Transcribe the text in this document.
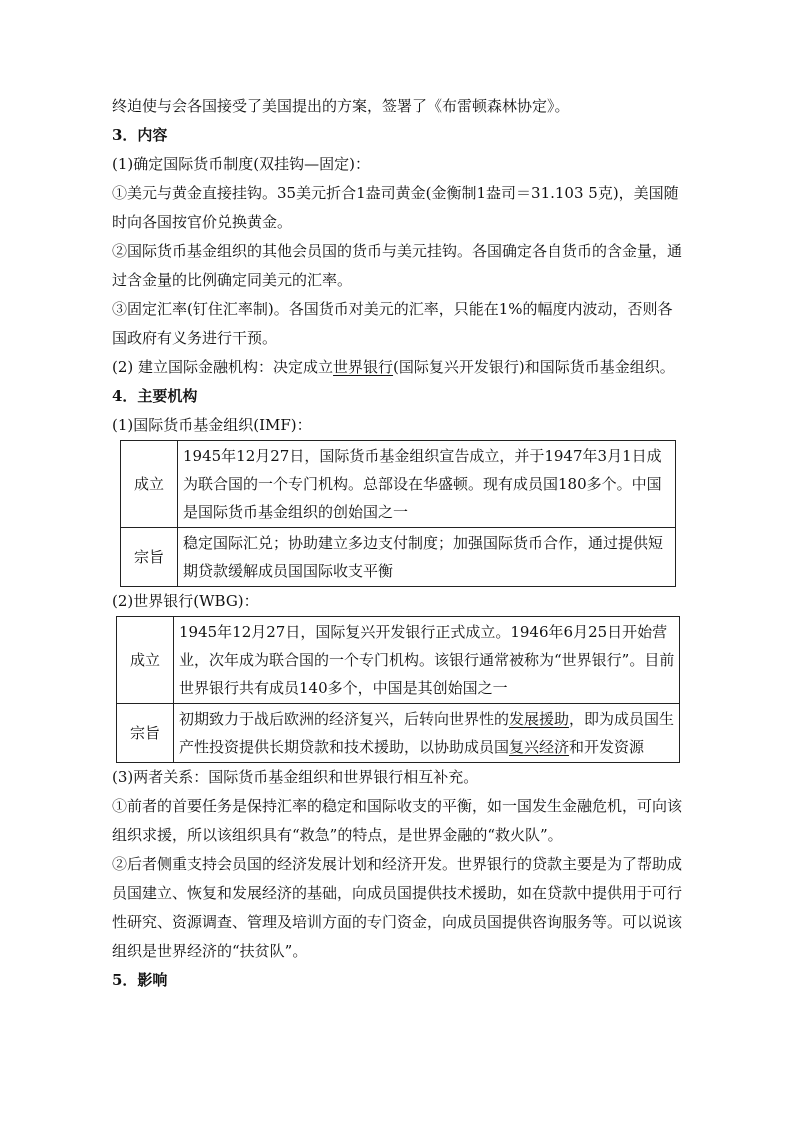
终迫使与会各国接受了美国提出的方案，签署了《布雷顿森林协定》。

3．内容

(1)确定国际货币制度(双挂钩—固定)：

①美元与黄金直接挂钩。35美元折合1盎司黄金(金衡制1盎司＝31.103 5克)，美国随时向各国按官价兑换黄金。

②国际货币基金组织的其他会员国的货币与美元挂钩。各国确定各自货币的含金量，通过含金量的比例确定同美元的汇率。

③固定汇率(钉住汇率制)。各国货币对美元的汇率，只能在1%的幅度内波动，否则各国政府有义务进行干预。

(2) 建立国际金融机构：决定成立世界银行(国际复兴开发银行)和国际货币基金组织。

4．主要机构

(1)国际货币基金组织(IMF)：

成立	1945年12月27日，国际货币基金组织宣告成立，并于1947年3月1日成为联合国的一个专门机构。总部设在华盛顿。现有成员国180多个。中国是国际货币基金组织的创始国之一
宗旨	稳定国际汇兑；协助建立多边支付制度；加强国际货币合作，通过提供短期贷款缓解成员国国际收支平衡

(2)世界银行(WBG)：

成立	1945年12月27日，国际复兴开发银行正式成立。1946年6月25日开始营业，次年成为联合国的一个专门机构。该银行通常被称为“世界银行”。目前世界银行共有成员140多个，中国是其创始国之一
宗旨	初期致力于战后欧洲的经济复兴，后转向世界性的发展援助，即为成员国生产性投资提供长期贷款和技术援助，以协助成员国复兴经济和开发资源

(3)两者关系：国际货币基金组织和世界银行相互补充。

①前者的首要任务是保持汇率的稳定和国际收支的平衡，如一国发生金融危机，可向该组织求援，所以该组织具有“救急”的特点，是世界金融的“救火队”。

②后者侧重支持会员国的经济发展计划和经济开发。世界银行的贷款主要是为了帮助成员国建立、恢复和发展经济的基础，向成员国提供技术援助，如在贷款中提供用于可行性研究、资源调查、管理及培训方面的专门资金，向成员国提供咨询服务等。可以说该组织是世界经济的“扶贫队”。

5．影响
